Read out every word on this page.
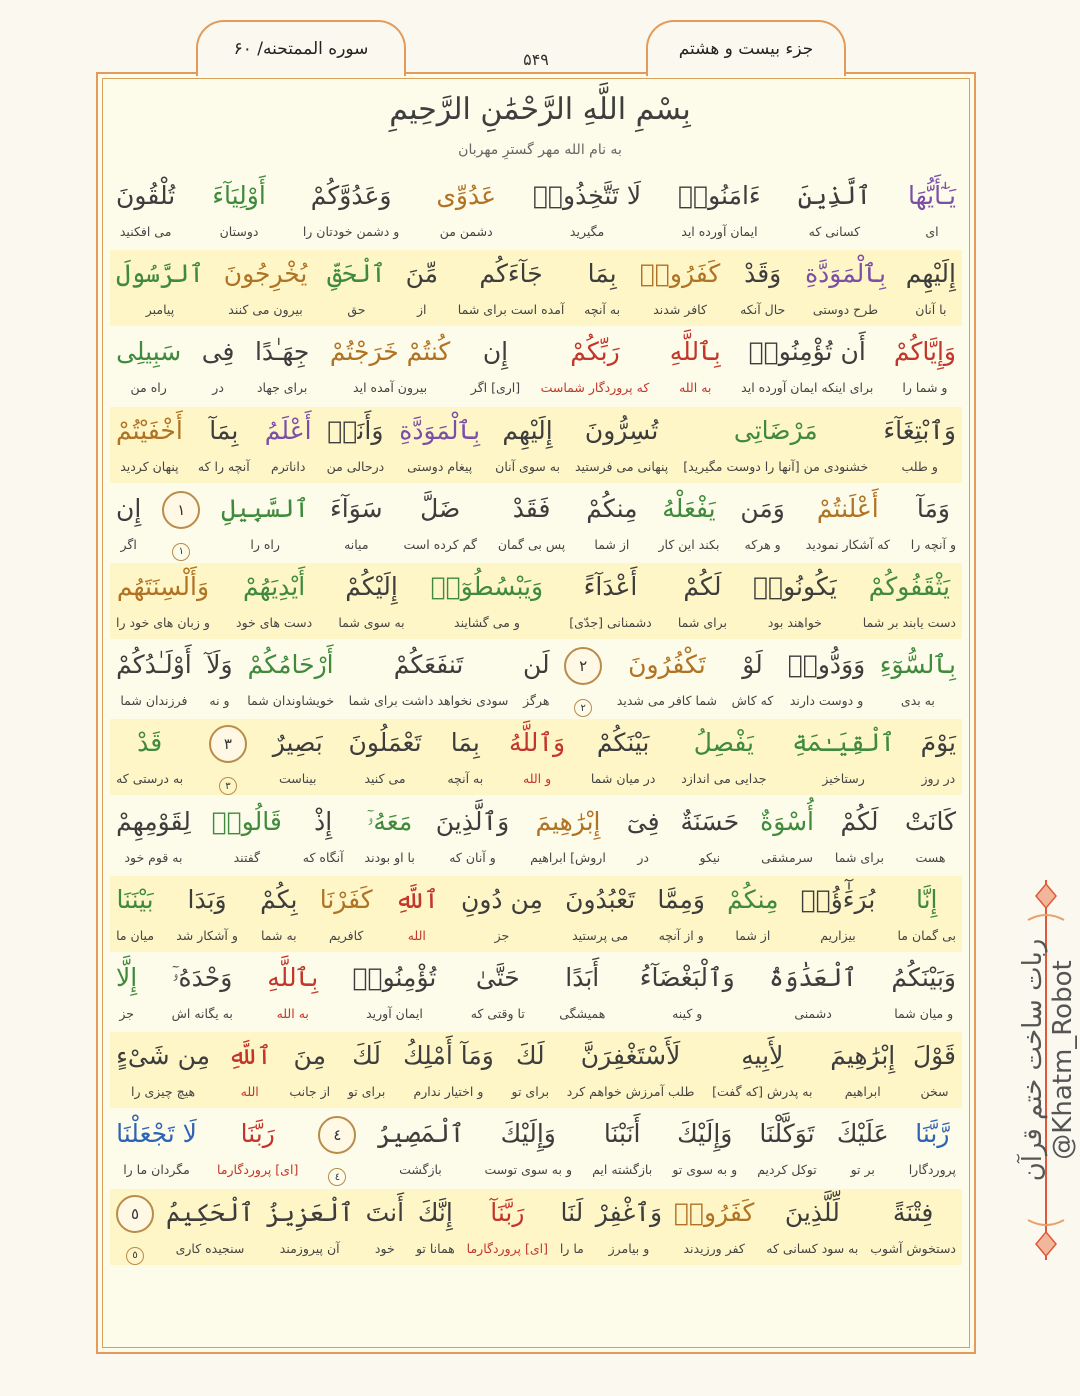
جزء بیست و هشتم
سوره الممتحنه/ ۶۰
۵۴۹
بِسْمِ اللَّهِ الرَّحْمَٰنِ الرَّحِيمِ
به نام الله مهر گسترِ مهربان
يَـٰٓأَيُّهَا
ای
ٱلَّذِينَ
کسانی که
ءَامَنُوا۟
ایمان آورده اید
لَا تَتَّخِذُوا۟
مگیرید
عَدُوِّى
دشمن من
وَعَدُوَّكُمْ
و دشمن خودتان را
أَوْلِيَآءَ
دوستان
تُلْقُونَ
می افکنید
إِلَيْهِم
با آنان
بِٱلْمَوَدَّةِ
طرح دوستی
وَقَدْ
حال آنکه
كَفَرُوا۟
کافر شدند
بِمَا
به آنچه
جَآءَكُم
آمده است برای شما
مِّنَ
از
ٱلْحَقِّ
حق
يُخْرِجُونَ
بیرون می کنند
ٱلرَّسُولَ
پیامبر
وَإِيَّاكُمْ
و شما را
أَن تُؤْمِنُوا۟
برای اینکه ایمان آورده اید
بِٱللَّهِ
به الله
رَبِّكُمْ
که پروردگار شماست
إِن
[اری] اگر
كُنتُمْ خَرَجْتُمْ
بیرون آمده اید
جِهَـٰدًا
برای جهاد
فِى
در
سَبِيلِى
راه من
وَٱبْتِغَآءَ
و طلب
مَرْضَاتِى
خشنودی من [آنها را دوست مگیرید]
تُسِرُّونَ
پنهانی می فرستید
إِلَيْهِم
به سوی آنان
بِٱلْمَوَدَّةِ
پیغام دوستی
وَأَنَا۠
درحالی من
أَعْلَمُ
داناترم
بِمَآ
آنچه را که
أَخْفَيْتُمْ
پنهان کردید
وَمَآ
و آنچه را
أَعْلَنتُمْ
که آشکار نمودید
وَمَن
و هرکه
يَفْعَلْهُ
بکند این کار
مِنكُمْ
از شما
فَقَدْ
پس بی گمان
ضَلَّ
گم کرده است
سَوَآءَ
میانه
ٱلسَّبِيلِ
راه را
١
١
إِن
اگر
يَثْقَفُوكُمْ
دست یابند بر شما
يَكُونُوا۟
خواهند بود
لَكُمْ
برای شما
أَعْدَآءً
دشمنانی [جدّی]
وَيَبْسُطُوٓا۟
و می گشایند
إِلَيْكُمْ
به سوی شما
أَيْدِيَهُمْ
دست های خود
وَأَلْسِنَتَهُم
و زبان های خود را
بِٱلسُّوٓءِ
به بدی
وَوَدُّوا۟
و دوست دارند
لَوْ
که کاش
تَكْفُرُونَ
شما کافر می شدید
٢
٢
لَن
هرگز
تَنفَعَكُمْ
سودی نخواهد داشت برای شما
أَرْحَامُكُمْ
خویشاوندان شما
وَلَآ
و نه
أَوْلَـٰدُكُمْ
فرزندان شما
يَوْمَ
در روز
ٱلْقِيَـٰمَةِ
رستاخیز
يَفْصِلُ
جدایی می اندازد
بَيْنَكُمْ
در میان شما
وَٱللَّهُ
و الله
بِمَا
به آنچه
تَعْمَلُونَ
می کنید
بَصِيرٌ
بیناست
٣
٣
قَدْ
به درستی که
كَانَتْ
هست
لَكُمْ
برای شما
أُسْوَةٌ
سرمشقی
حَسَنَةٌ
نیکو
فِىٓ
در
إِبْرَٰهِيمَ
اروش] ابراهیم
وَٱلَّذِينَ
و آنان که
مَعَهُۥٓ
با او بودند
إِذْ
آنگاه که
قَالُوا۟
گفتند
لِقَوْمِهِمْ
به قوم خود
إِنَّا
بی گمان ما
بُرَءَٰٓؤُا۟
بیزاریم
مِنكُمْ
از شما
وَمِمَّا
و از آنچه
تَعْبُدُونَ
می پرستید
مِن دُونِ
جز
ٱللَّهِ
الله
كَفَرْنَا
کافریم
بِكُمْ
به شما
وَبَدَا
و آشکار شد
بَيْنَنَا
میان ما
وَبَيْنَكُمُ
و میان شما
ٱلْعَدَٰوَةُ
دشمنی
وَٱلْبَغْضَآءُ
و کینه
أَبَدًا
همیشگی
حَتَّىٰ
تا وقتی که
تُؤْمِنُوا۟
ایمان آورید
بِٱللَّهِ
به الله
وَحْدَهُۥٓ
به یگانه اش
إِلَّا
جز
قَوْلَ
سخن
إِبْرَٰهِيمَ
ابراهیم
لِأَبِيهِ
به پدرش [که گفت]
لَأَسْتَغْفِرَنَّ
طلب آمرزش خواهم کرد
لَكَ
برای تو
وَمَآ أَمْلِكُ
و اختیار ندارم
لَكَ
برای تو
مِنَ
از جانب
ٱللَّهِ
الله
مِن شَىْءٍ
هیچ چیزی را
رَّبَّنَا
پروردگارا
عَلَيْكَ
بر تو
تَوَكَّلْنَا
توکل کردیم
وَإِلَيْكَ
و به سوی تو
أَنَبْنَا
بازگشته ایم
وَإِلَيْكَ
و به سوی توست
ٱلْمَصِيرُ
بازگشت
٤
٤
رَبَّنَا
[ای] پروردگارما
لَا تَجْعَلْنَا
مگردان ما را
فِتْنَةً
دستخوش آشوب
لِّلَّذِينَ
به سود کسانی که
كَفَرُوا۟
کفر ورزیدند
وَٱغْفِرْ
و بیامرز
لَنَا
ما را
رَبَّنَآ
[ای] پروردگارما
إِنَّكَ
همانا تو
أَنتَ
خود
ٱلْعَزِيزُ
آن پیروزمند
ٱلْحَكِيمُ
سنجیده کاری
٥
٥
ربات ساخت ختم قرآن @Khatm_Robot
